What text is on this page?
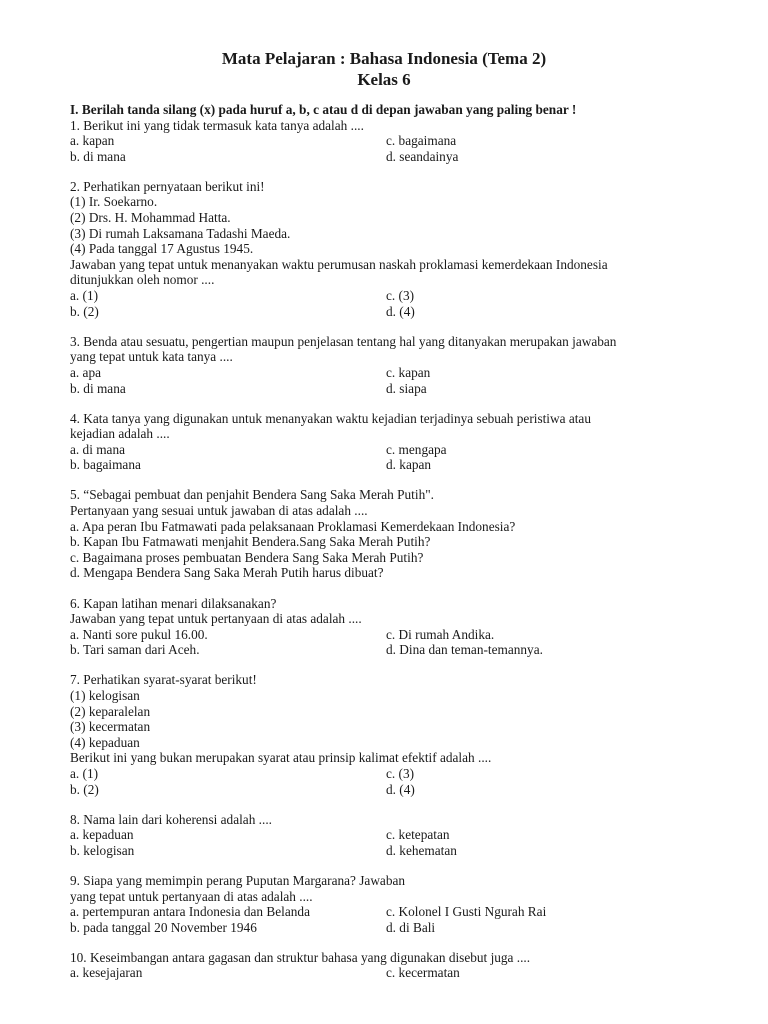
Mata Pelajaran : Bahasa Indonesia (Tema 2)
Kelas 6
I. Berilah tanda silang (x) pada huruf a, b, c atau d di depan jawaban yang paling benar !
1. Berikut ini yang tidak termasuk kata tanya adalah ....
a. kapan	c. bagaimana
b. di mana	d. seandainya
2. Perhatikan pernyataan berikut ini!
(1) Ir. Soekarno.
(2) Drs. H. Mohammad Hatta.
(3) Di rumah Laksamana Tadashi Maeda.
(4) Pada tanggal 17 Agustus 1945.
Jawaban yang tepat untuk menanyakan waktu perumusan naskah proklamasi kemerdekaan Indonesia
ditunjukkan oleh nomor ....
a. (1)	c. (3)
b. (2)	d. (4)
3. Benda atau sesuatu, pengertian maupun penjelasan tentang hal yang ditanyakan merupakan jawaban
yang tepat untuk kata tanya ....
a. apa	c. kapan
b. di mana	d. siapa
4. Kata tanya yang digunakan untuk menanyakan waktu kejadian terjadinya sebuah peristiwa atau
kejadian adalah ....
a. di mana	c. mengapa
b. bagaimana	d. kapan
5. “Sebagai pembuat dan penjahit Bendera Sang Saka Merah Putih".
Pertanyaan yang sesuai untuk jawaban di atas adalah ....
a. Apa peran Ibu Fatmawati pada pelaksanaan Proklamasi Kemerdekaan Indonesia?
b. Kapan Ibu Fatmawati menjahit Bendera.Sang Saka Merah Putih?
c. Bagaimana proses pembuatan Bendera Sang Saka Merah Putih?
d. Mengapa Bendera Sang Saka Merah Putih harus dibuat?
6. Kapan latihan menari dilaksanakan?
Jawaban yang tepat untuk pertanyaan di atas adalah ....
a. Nanti sore pukul 16.00.	c. Di rumah Andika.
b. Tari saman dari Aceh.	d. Dina dan teman-temannya.
7. Perhatikan syarat-syarat berikut!
(1) kelogisan
(2) keparalelan
(3) kecermatan
(4) kepaduan
Berikut ini yang bukan merupakan syarat atau prinsip kalimat efektif adalah ....
a. (1)	c. (3)
b. (2)	d. (4)
8. Nama lain dari koherensi adalah ....
a. kepaduan	c. ketepatan
b. kelogisan	d. kehematan
9. Siapa yang memimpin perang Puputan Margarana? Jawaban
yang tepat untuk pertanyaan di atas adalah ....
a. pertempuran antara Indonesia dan Belanda	c. Kolonel I Gusti Ngurah Rai
b. pada tanggal 20 November 1946	d. di Bali
10. Keseimbangan antara gagasan dan struktur bahasa yang digunakan disebut juga ....
a. kesejajaran	c. kecermatan
